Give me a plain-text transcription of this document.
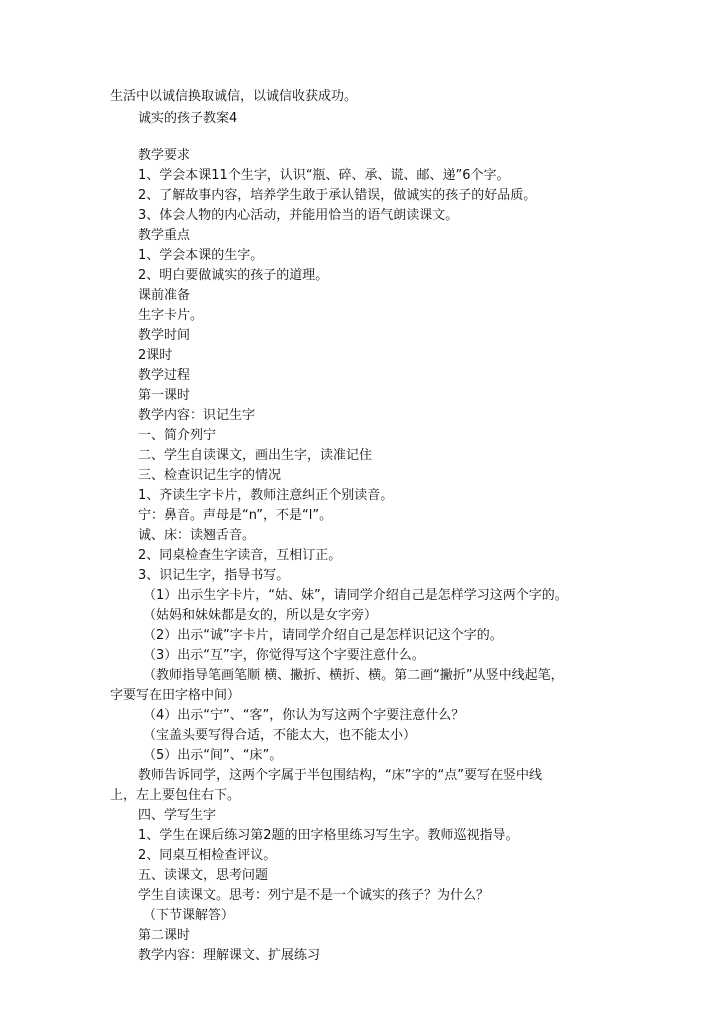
生活中以诚信换取诚信，以诚信收获成功。
诚实的孩子教案4
教学要求
1、学会本课11个生字，认识“瓶、碎、承、谎、邮、递”6个字。
2、了解故事内容，培养学生敢于承认错误，做诚实的孩子的好品质。
3、体会人物的内心活动，并能用恰当的语气朗读课文。
教学重点
1、学会本课的生字。
2、明白要做诚实的孩子的道理。
课前准备
生字卡片。
教学时间
2课时
教学过程
第一课时
教学内容：识记生字
一、简介列宁
二、学生自读课文，画出生字，读准记住
三、检查识记生字的情况
1、齐读生字卡片，教师注意纠正个别读音。
宁：鼻音。声母是“n”，不是“l”。
诚、床：读翘舌音。
2、同桌检查生字读音，互相订正。
3、识记生字，指导书写。
（1）出示生字卡片，“姑、妹”，请同学介绍自己是怎样学习这两个字的。
（姑妈和妹妹都是女的，所以是女字旁）
（2）出示“诚”字卡片，请同学介绍自己是怎样识记这个字的。
（3）出示“互”字，你觉得写这个字要注意什么。
（教师指导笔画笔顺 横、撇折、横折、横。第二画“撇折”从竖中线起笔，
字要写在田字格中间）
（4）出示“宁”、“客”，你认为写这两个字要注意什么？
（宝盖头要写得合适，不能太大，也不能太小）
（5）出示“间”、“床”。
教师告诉同学，这两个字属于半包围结构，“床”字的“点”要写在竖中线
上，左上要包住右下。
四、学写生字
1、学生在课后练习第2题的田字格里练习写生字。教师巡视指导。
2、同桌互相检查评议。
五、读课文，思考问题
学生自读课文。思考：列宁是不是一个诚实的孩子？为什么？
（下节课解答）
第二课时
教学内容：理解课文、扩展练习
